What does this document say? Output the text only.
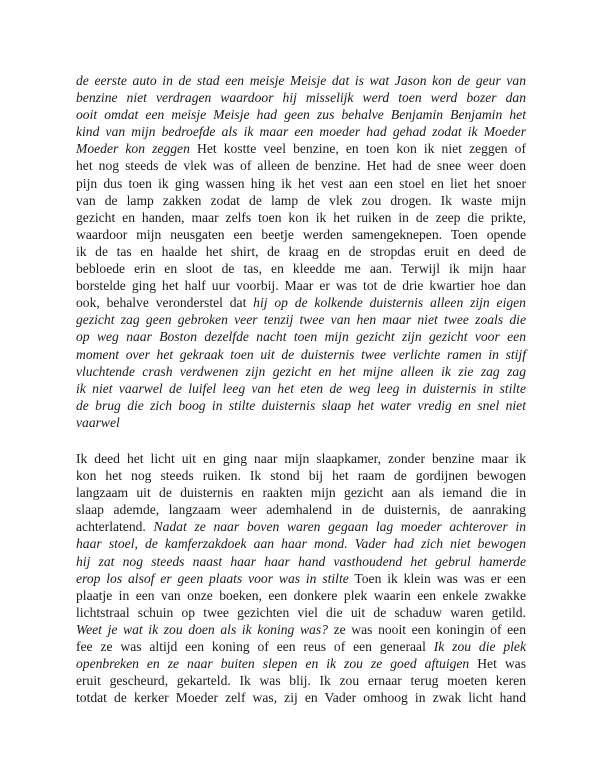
de eerste auto in de stad een meisje Meisje dat is wat Jason kon de geur van
benzine niet verdragen waardoor hij misselijk werd toen werd bozer dan
ooit omdat een meisje Meisje had geen zus behalve Benjamin Benjamin het
kind van mijn bedroefde als ik maar een moeder had gehad zodat ik Moeder
Moeder kon zeggen Het kostte veel benzine, en toen kon ik niet zeggen of
het nog steeds de vlek was of alleen de benzine. Het had de snee weer doen
pijn dus toen ik ging wassen hing ik het vest aan een stoel en liet het snoer
van de lamp zakken zodat de lamp de vlek zou drogen. Ik waste mijn
gezicht en handen, maar zelfs toen kon ik het ruiken in de zeep die prikte,
waardoor mijn neusgaten een beetje werden samengeknepen. Toen opende
ik de tas en haalde het shirt, de kraag en de stropdas eruit en deed de
bebloede erin en sloot de tas, en kleedde me aan. Terwijl ik mijn haar
borstelde ging het half uur voorbij. Maar er was tot de drie kwartier hoe dan
ook, behalve veronderstel dat hij op de kolkende duisternis alleen zijn eigen
gezicht zag geen gebroken veer tenzij twee van hen maar niet twee zoals die
op weg naar Boston dezelfde nacht toen mijn gezicht zijn gezicht voor een
moment over het gekraak toen uit de duisternis twee verlichte ramen in stijf
vluchtende crash verdwenen zijn gezicht en het mijne alleen ik zie zag zag
ik niet vaarwel de luifel leeg van het eten de weg leeg in duisternis in stilte
de brug die zich boog in stilte duisternis slaap het water vredig en snel niet
vaarwel
Ik deed het licht uit en ging naar mijn slaapkamer, zonder benzine maar ik
kon het nog steeds ruiken. Ik stond bij het raam de gordijnen bewogen
langzaam uit de duisternis en raakten mijn gezicht aan als iemand die in
slaap ademde, langzaam weer ademhalend in de duisternis, de aanraking
achterlatend. Nadat ze naar boven waren gegaan lag moeder achterover in
haar stoel, de kamferzakdoek aan haar mond. Vader had zich niet bewogen
hij zat nog steeds naast haar haar hand vasthoudend het gebrul hamerde
erop los alsof er geen plaats voor was in stilte Toen ik klein was was er een
plaatje in een van onze boeken, een donkere plek waarin een enkele zwakke
lichtstraal schuin op twee gezichten viel die uit de schaduw waren getild.
Weet je wat ik zou doen als ik koning was? ze was nooit een koningin of een
fee ze was altijd een koning of een reus of een generaal Ik zou die plek
openbreken en ze naar buiten slepen en ik zou ze goed aftuigen Het was
eruit gescheurd, gekarteld. Ik was blij. Ik zou ernaar terug moeten keren
totdat de kerker Moeder zelf was, zij en Vader omhoog in zwak licht hand
